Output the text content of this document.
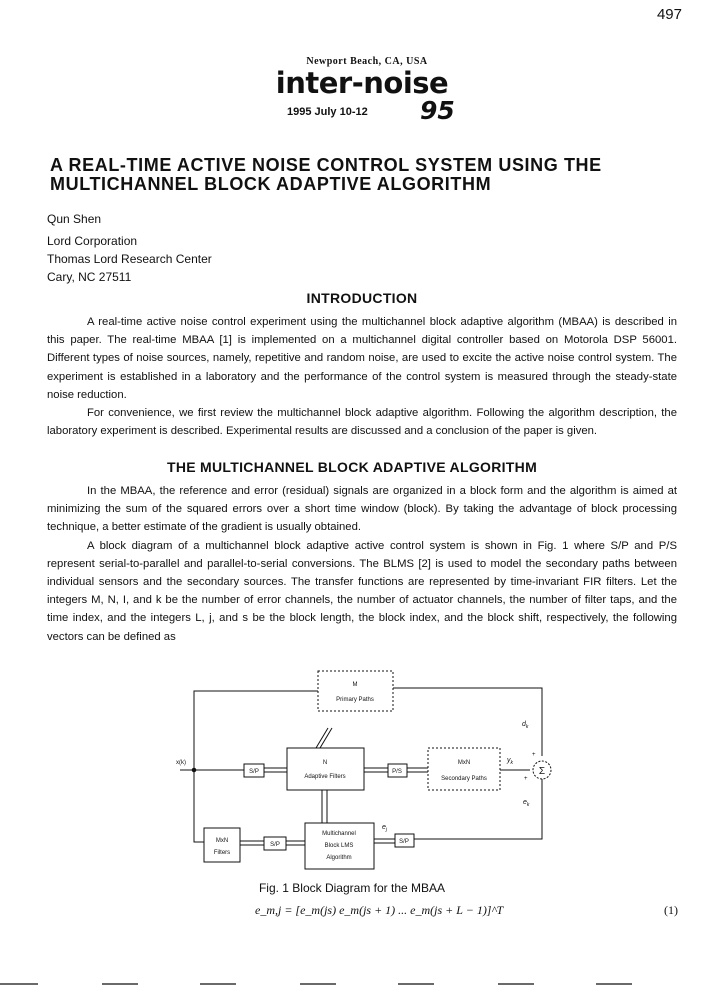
497
Newport Beach, CA, USA
inter-noise
1995 July 10-12 95
A REAL-TIME ACTIVE NOISE CONTROL SYSTEM USING THE
MULTICHANNEL BLOCK ADAPTIVE ALGORITHM
Qun Shen
Lord Corporation
Thomas Lord Research Center
Cary, NC 27511
INTRODUCTION

A real-time active noise control experiment using the multichannel block adaptive algorithm (MBAA) is described in this paper. The real-time MBAA [1] is implemented on a multichannel digital controller based on Motorola DSP 56001. Different types of noise sources, namely, repetitive and random noise, are used to excite the active noise control system. The experiment is established in a laboratory and the performance of the control system is measured through the steady-state noise reduction.

For convenience, we first review the multichannel block adaptive algorithm. Following the algorithm description, the laboratory experiment is described. Experimental results are discussed and a conclusion of the paper is given.

THE MULTICHANNEL BLOCK ADAPTIVE ALGORITHM

In the MBAA, the reference and error (residual) signals are organized in a block form and the algorithm is aimed at minimizing the sum of the squared errors over a short time window (block). By taking the advantage of block processing technique, a better estimate of the gradient is usually obtained.

A block diagram of a multichannel block adaptive active control system is shown in Fig. 1 where S/P and P/S represent serial-to-parallel and parallel-to-serial conversions. The BLMS [2] is used to model the secondary paths between individual sensors and the secondary sources. The transfer functions are represented by time-invariant FIR filters. Let the integers M, N, I, and k be the number of error channels, the number of actuator channels, the number of filter taps, and the time index, and the integers L, j, and s be the block length, the block index, and the block shift, respectively, the following vectors can be defined as

M
Primary Paths
x(k)
S/P
N
Adaptive Filters
P/S
MxN
Secondary Paths
$d_k$
$y_k$
+
+
Σ
$e_k$
S/P
$e_j$
Multichannel
Block LMS
Algorithm
MxN
Filters
S/P
Fig. 1 Block Diagram for the MBAA
e_m,j = [e_m(js) e_m(js + 1) ... e_m(js + L − 1)]^T	(1)
